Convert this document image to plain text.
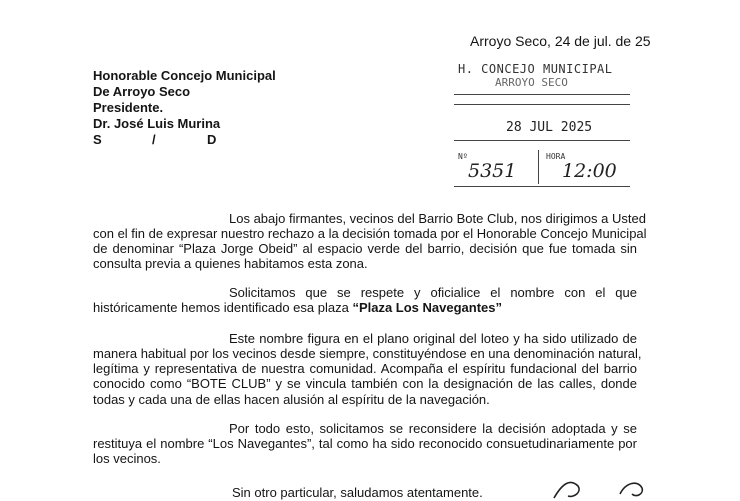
Arroyo Seco, 24 de jul. de 25
Honorable Concejo Municipal
De Arroyo Seco
Presidente.
Dr. José Luis Murina
S	/	D
H. CONCEJO MUNICIPAL
ARROYO SECO
28 JUL 2025
Nº	HORA
5351 12:00
Los abajo firmantes, vecinos del Barrio Bote Club, nos dirigimos a Usted
con el fin de expresar nuestro rechazo a la decisión tomada por el Honorable Concejo Municipal
de denominar “Plaza Jorge Obeid” al espacio verde del barrio, decisión que fue tomada sin
consulta previa a quienes habitamos esta zona.
Solicitamos que se respete y oficialice el nombre con el que
históricamente hemos identificado esa plaza “Plaza Los Navegantes”
Este nombre figura en el plano original del loteo y ha sido utilizado de
manera habitual por los vecinos desde siempre, constituyéndose en una denominación natural,
legítima y representativa de nuestra comunidad. Acompaña el espíritu fundacional del barrio
conocido como “BOTE CLUB” y se vincula también con la designación de las calles, donde
todas y cada una de ellas hacen alusión al espíritu de la navegación.
Por todo esto, solicitamos se reconsidere la decisión adoptada y se
restituya el nombre “Los Navegantes”, tal como ha sido reconocido consuetudinariamente por
los vecinos.
Sin otro particular, saludamos atentamente.
